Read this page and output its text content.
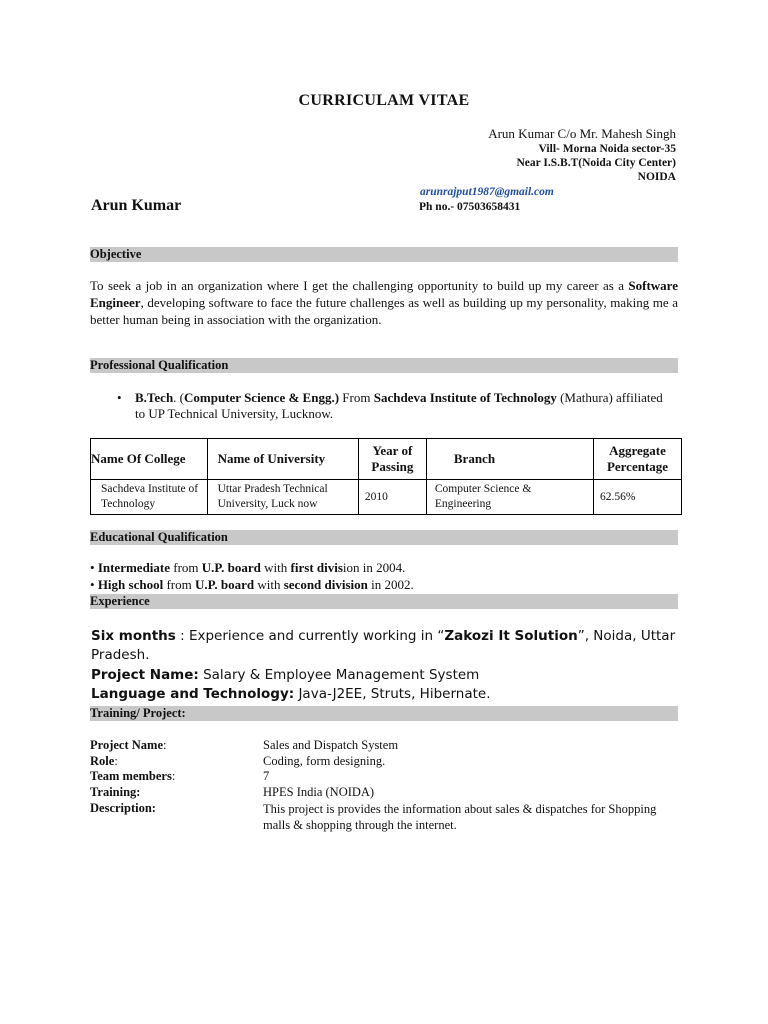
CURRICULAM VITAE
Arun Kumar C/o Mr. Mahesh Singh
Vill- Morna Noida sector-35
Near I.S.B.T(Noida City Center)
NOIDA
arunrajput1987@gmail.com
Ph no.- 07503658431
Arun Kumar
Objective
To seek a job in an organization where I get the challenging opportunity to build up my career as a Software Engineer, developing software to face the future challenges as well as building up my personality, making me a better human being in association with the organization.
Professional Qualification
• B.Tech. (Computer Science & Engg.) From Sachdeva Institute of Technology (Mathura) affiliated to UP Technical University, Lucknow.
Name Of College	Name of University	Year of Passing	Branch	Aggregate Percentage
Sachdeva Institute of Technology	Uttar Pradesh Technical University, Luck now	2010	Computer Science & Engineering	62.56%
Educational Qualification
• Intermediate from U.P. board with first division in 2004.
• High school from U.P. board with second division in 2002.
Experience
Six months : Experience and currently working in “Zakozi It Solution”, Noida, Uttar Pradesh.
Project Name: Salary & Employee Management System
Language and Technology: Java-J2EE, Struts, Hibernate.
Training/ Project:
Project Name:	Sales and Dispatch System
Role:	Coding, form designing.
Team members:	7
Training:	HPES India (NOIDA)
Description:	This project is provides the information about sales & dispatches for Shopping malls & shopping through the internet.
